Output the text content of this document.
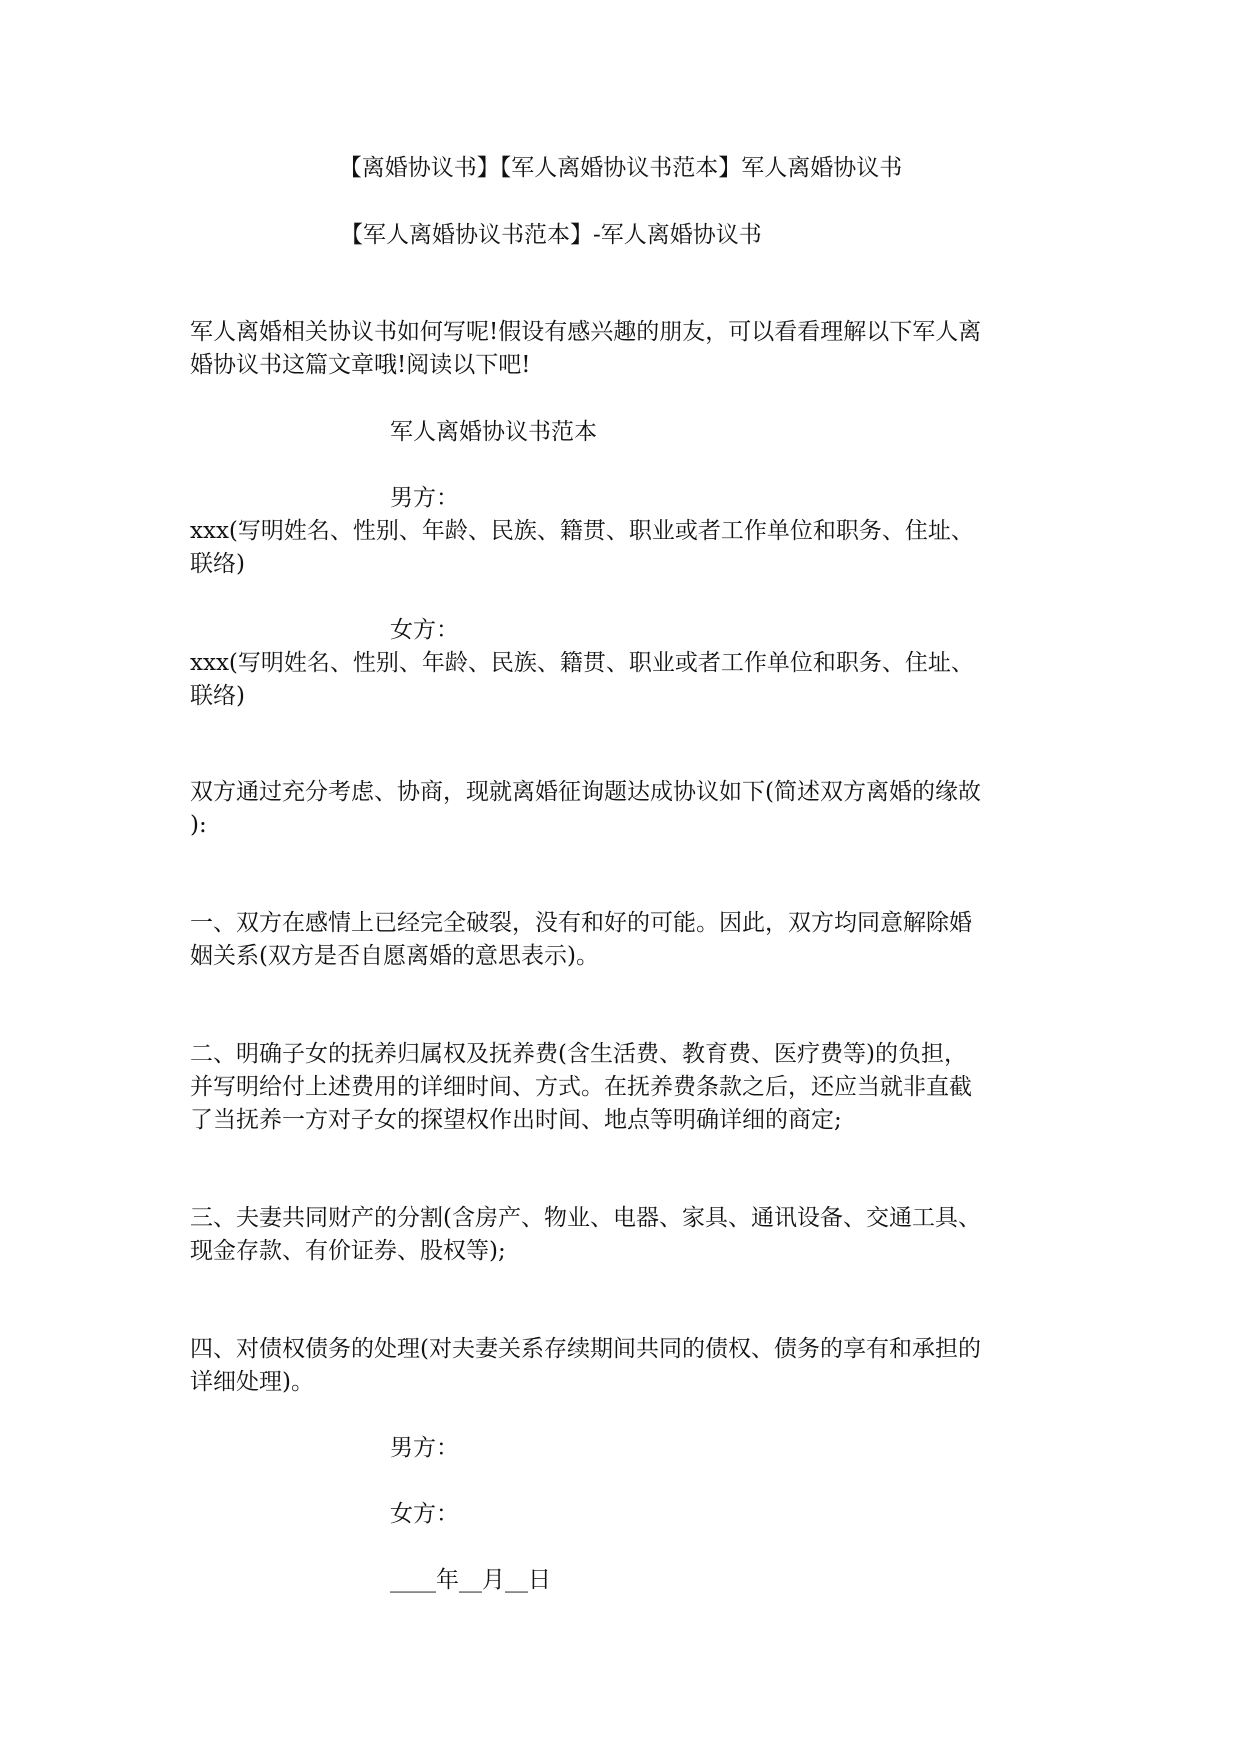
【离婚协议书】【军人离婚协议书范本】军人离婚协议书
【军人离婚协议书范本】-军人离婚协议书

军人离婚相关协议书如何写呢!假设有感兴趣的朋友，可以看看理解以下军人离

婚协议书这篇文章哦!阅读以下吧!

军人离婚协议书范本

男方：

xxx(写明姓名、性别、年龄、民族、籍贯、职业或者工作单位和职务、住址、

联络)

女方：

xxx(写明姓名、性别、年龄、民族、籍贯、职业或者工作单位和职务、住址、

联络)

双方通过充分考虑、协商，现就离婚征询题达成协议如下(简述双方离婚的缘故

):

一、双方在感情上已经完全破裂，没有和好的可能。因此，双方均同意解除婚

姻关系(双方是否自愿离婚的意思表示)。

二、明确子女的抚养归属权及抚养费(含生活费、教育费、医疗费等)的负担，

并写明给付上述费用的详细时间、方式。在抚养费条款之后，还应当就非直截

了当抚养一方对子女的探望权作出时间、地点等明确详细的商定;

三、夫妻共同财产的分割(含房产、物业、电器、家具、通讯设备、交通工具、

现金存款、有价证券、股权等);

四、对债权债务的处理(对夫妻关系存续期间共同的债权、债务的享有和承担的

详细处理)。

男方：

女方：

____年__月__日
